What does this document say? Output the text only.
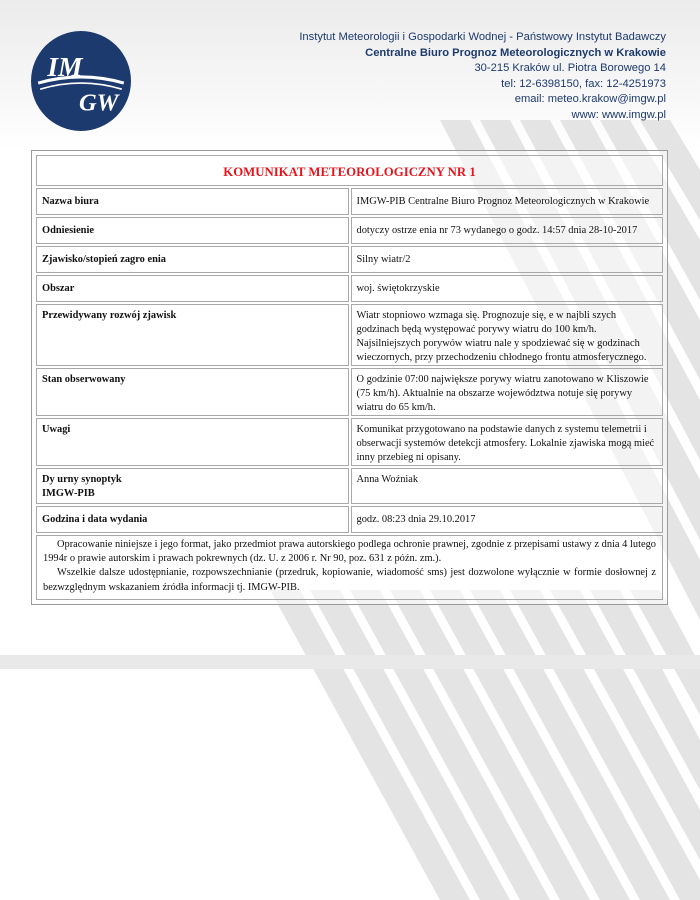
IM
GW
Instytut Meteorologii i Gospodarki Wodnej - Państwowy Instytut Badawczy
Centralne Biuro Prognoz Meteorologicznych w Krakowie
30-215 Kraków ul. Piotra Borowego 14
tel: 12-6398150, fax: 12-4251973
email: meteo.krakow@imgw.pl
www: www.imgw.pl
KOMUNIKAT METEOROLOGICZNY NR 1	
Nazwa biura	IMGW-PIB Centralne Biuro Prognoz Meteorologicznych w Krakowie
Odniesienie	dotyczy ostrze enia nr 73 wydanego o godz. 14:57 dnia 28-10-2017
Zjawisko/stopień zagro enia	Silny wiatr/2
Obszar	woj. świętokrzyskie
Przewidywany rozwój zjawisk	Wiatr stopniowo wzmaga się. Prognozuje się, e w najbli szych godzinach będą występować porywy wiatru do 100 km/h. Najsilniejszych porywów wiatru nale y spodziewać się w godzinach wieczornych, przy przechodzeniu chłodnego frontu atmosferycznego.
Stan obserwowany	O godzinie 07:00 największe porywy wiatru zanotowano w Kliszowie (75 km/h). Aktualnie na obszarze województwa notuje się porywy wiatru do 65 km/h.
Uwagi	Komunikat przygotowano na podstawie danych z systemu telemetrii i obserwacji systemów detekcji atmosfery. Lokalnie zjawiska mogą mieć inny przebieg ni opisany.

Dy urny synoptyk
IMGW-PIB	Anna Woźniak
Godzina i data wydania	godz. 08:23 dnia 29.10.2017

Opracowanie niniejsze i jego format, jako przedmiot prawa autorskiego podlega ochronie prawnej, zgodnie z przepisami ustawy z dnia 4 lutego 1994r o prawie autorskim i prawach pokrewnych (dz. U. z 2006 r. Nr 90, poz. 631 z późn. zm.).

Wszelkie dalsze udostępnianie, rozpowszechnianie (przedruk, kopiowanie, wiadomość sms) jest dozwolone wyłącznie w formie dosłownej z bezwzględnym wskazaniem źródła informacji tj. IMGW-PIB.	
